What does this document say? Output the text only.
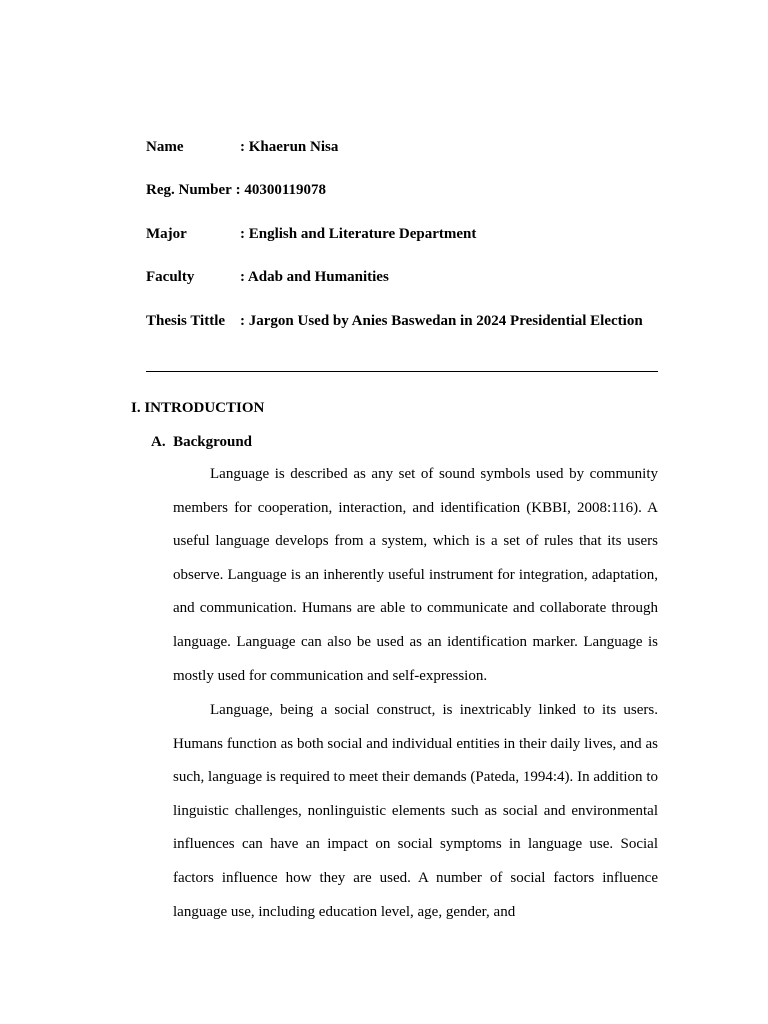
Name	: Khaerun Nisa
Reg. Number : 40300119078
Major	: English and Literature Department
Faculty	: Adab and Humanities
Thesis Tittle : Jargon Used by Anies Baswedan in 2024 Presidential Election
I. INTRODUCTION
A. Background

Language is described as any set of sound symbols used by community members for cooperation, interaction, and identification (KBBI, 2008:116). A useful language develops from a system, which is a set of rules that its users observe. Language is an inherently useful instrument for integration, adaptation, and communication. Humans are able to communicate and collaborate through language. Language can also be used as an identification marker. Language is mostly used for communication and self-expression.

Language, being a social construct, is inextricably linked to its users. Humans function as both social and individual entities in their daily lives, and as such, language is required to meet their demands (Pateda, 1994:4). In addition to linguistic challenges, nonlinguistic elements such as social and environmental influences can have an impact on social symptoms in language use. Social factors influence how they are used. A number of social factors influence language use, including education level, age, gender, and
